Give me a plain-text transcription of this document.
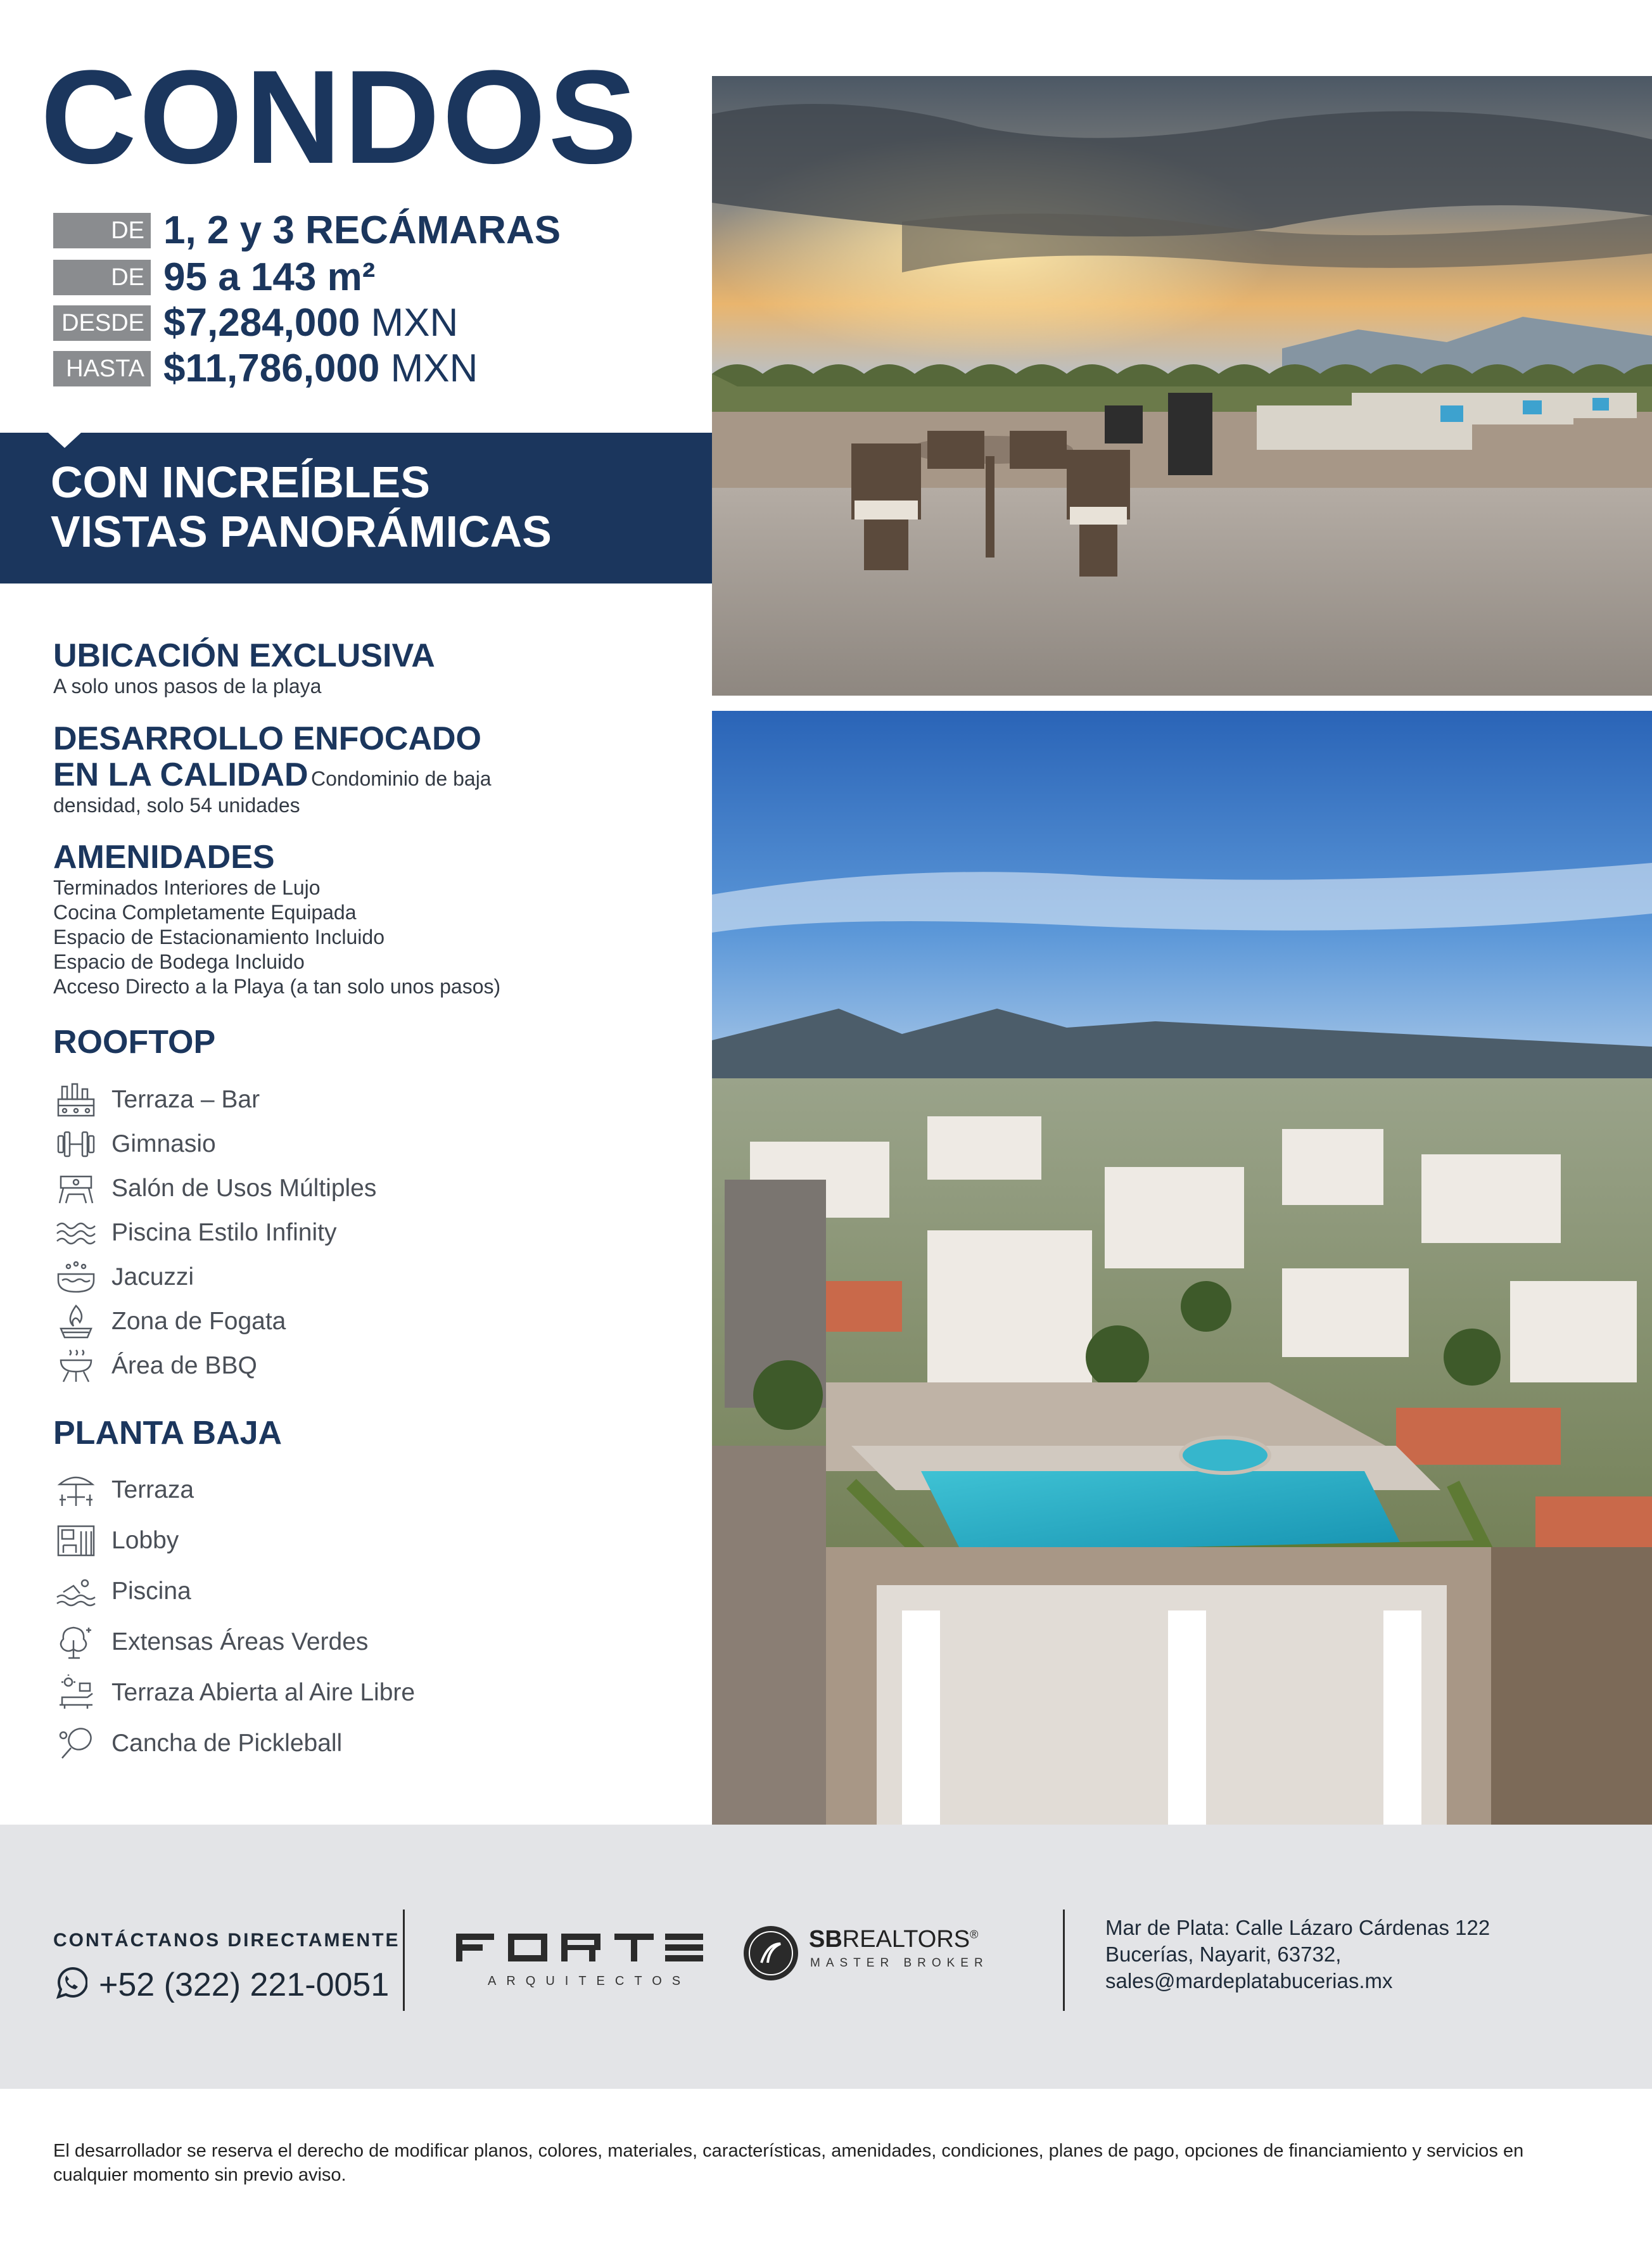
CONDOS
DE 1, 2 y 3 RECÁMARAS
DE 95 a 143 m²
DESDE $7,284,000 MXN
HASTA $11,786,000 MXN
CON INCREÍBLES
VISTAS PANORÁMICAS
UBICACIÓN EXCLUSIVA
A solo unos pasos de la playa
DESARROLLO ENFOCADO
EN LA CALIDAD Condominio de baja
densidad, solo 54 unidades
AMENIDADES
Terminados Interiores de Lujo
Cocina Completamente Equipada
Espacio de Estacionamiento Incluido
Espacio de Bodega Incluido
Acceso Directo a la Playa (a tan solo unos pasos)
ROOFTOP
Terraza – Bar
Gimnasio
Salón de Usos Múltiples
Piscina Estilo Infinity
Jacuzzi
Zona de Fogata
Área de BBQ
PLANTA BAJA
Terraza
Lobby
Piscina
Extensas Áreas Verdes
Terraza Abierta al Aire Libre
Cancha de Pickleball
CONTÁCTANOS DIRECTAMENTE
+52 (322) 221-0051	ARQUITECTOS
SBREALTORS®
MASTER BROKER
Mar de Plata: Calle Lázaro Cárdenas 122
Bucerías, Nayarit, 63732,
sales@mardeplatabucerias.mx
El desarrollador se reserva el derecho de modificar planos, colores, materiales, características, amenidades, condiciones, planes de pago, opciones de financiamiento y servicios en cualquier momento sin previo aviso.
